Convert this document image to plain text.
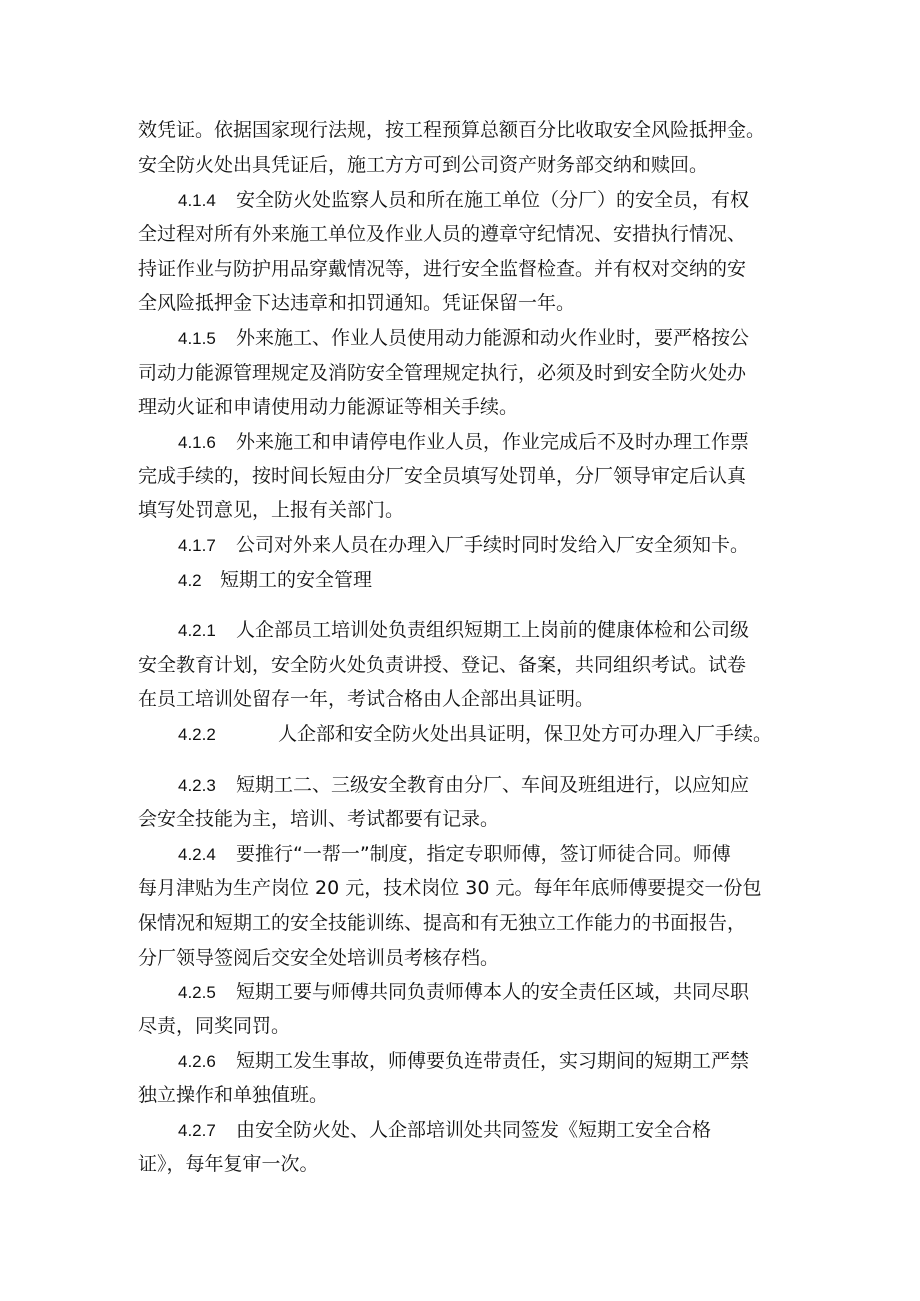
效凭证。依据国家现行法规，按工程预算总额百分比收取安全风险抵押金。
安全防火处出具凭证后，施工方方可到公司资产财务部交纳和赎回。
4.1.4 安全防火处监察人员和所在施工单位（分厂）的安全员，有权
全过程对所有外来施工单位及作业人员的遵章守纪情况、安措执行情况、
持证作业与防护用品穿戴情况等，进行安全监督检查。并有权对交纳的安
全风险抵押金下达违章和扣罚通知。凭证保留一年。
4.1.5 外来施工、作业人员使用动力能源和动火作业时，要严格按公
司动力能源管理规定及消防安全管理规定执行，必须及时到安全防火处办
理动火证和申请使用动力能源证等相关手续。
4.1.6 外来施工和申请停电作业人员，作业完成后不及时办理工作票
完成手续的，按时间长短由分厂安全员填写处罚单，分厂领导审定后认真
填写处罚意见，上报有关部门。
4.1.7 公司对外来人员在办理入厂手续时同时发给入厂安全须知卡。
4.2 短期工的安全管理
4.2.1 人企部员工培训处负责组织短期工上岗前的健康体检和公司级
安全教育计划，安全防火处负责讲授、登记、备案，共同组织考试。试卷
在员工培训处留存一年，考试合格由人企部出具证明。
4.2.2	人企部和安全防火处出具证明，保卫处方可办理入厂手续。
4.2.3 短期工二、三级安全教育由分厂、车间及班组进行，以应知应
会安全技能为主，培训、考试都要有记录。
4.2.4 要推行“一帮一”制度，指定专职师傅，签订师徒合同。师傅
每月津贴为生产岗位 20 元，技术岗位 30 元。每年年底师傅要提交一份包
保情况和短期工的安全技能训练、提高和有无独立工作能力的书面报告，
分厂领导签阅后交安全处培训员考核存档。
4.2.5 短期工要与师傅共同负责师傅本人的安全责任区域，共同尽职
尽责，同奖同罚。
4.2.6 短期工发生事故，师傅要负连带责任，实习期间的短期工严禁
独立操作和单独值班。
4.2.7 由安全防火处、人企部培训处共同签发《短期工安全合格
证》，每年复审一次。
